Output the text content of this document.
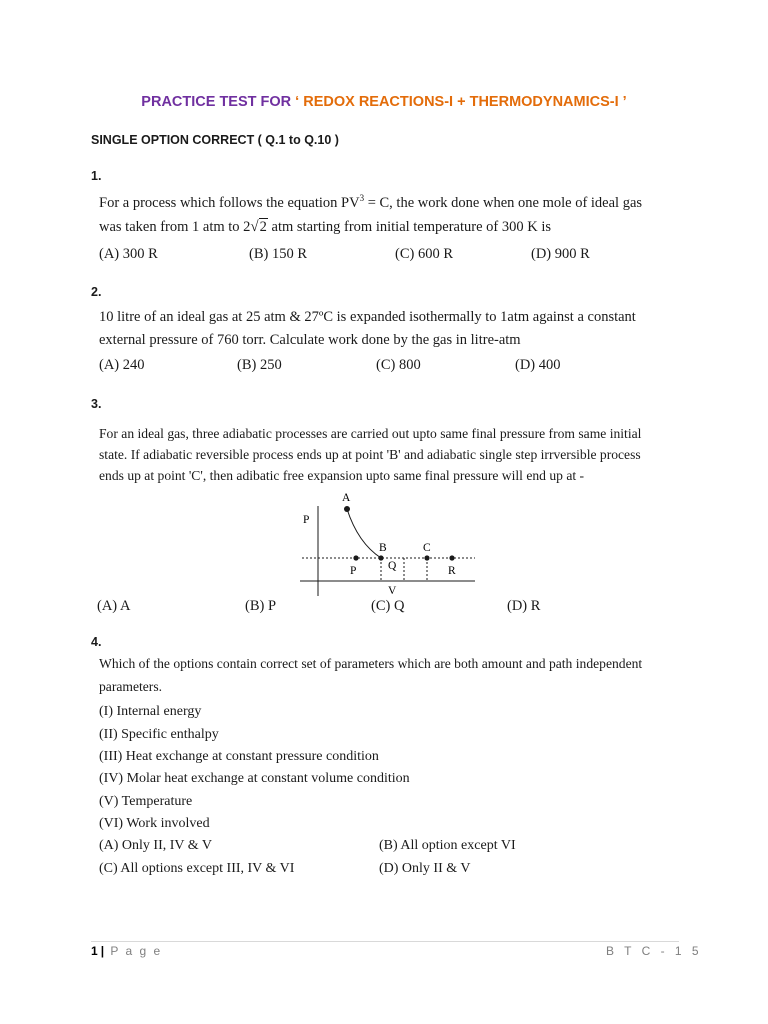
PRACTICE TEST FOR ‘ REDOX REACTIONS-I + THERMODYNAMICS-I ’
SINGLE OPTION CORRECT ( Q.1 to Q.10 )
1.
For a process which follows the equation $PV^3 = C$, the work done when one mole of ideal gas
was taken from 1 atm to 2√2 atm starting from initial temperature of 300 K is
(A) 300 R	(B) 150 R	(C) 600 R	(D) 900 R
2.
10 litre of an ideal gas at 25 atm & 27ºC is expanded isothermally to 1atm against a constant
external pressure of 760 torr. Calculate work done by the gas in litre-atm
(A) 240	(B) 250	(C) 800	(D) 400
3.
For an ideal gas, three adiabatic processes are carried out upto same final pressure from same initial
state. If adiabatic reversible process ends up at point 'B' and adiabatic single step irrversible process
ends up at point 'C', then adibatic free expansion upto same final pressure will end up at -
A
P
V
B	C
P	Q	R
(A) A	(B) P	(C) Q	(D) R
4.
Which of the options contain correct set of parameters which are both amount and path independent
parameters.
(I) Internal energy
(II) Specific enthalpy
(III) Heat exchange at constant pressure condition
(IV) Molar heat exchange at constant volume condition
(V) Temperature
(VI) Work involved
(A) Only II, IV & V	(B) All option except VI
(C) All options except III, IV & VI	(D) Only II & V
1 | P a g e	B T C - 1 5
